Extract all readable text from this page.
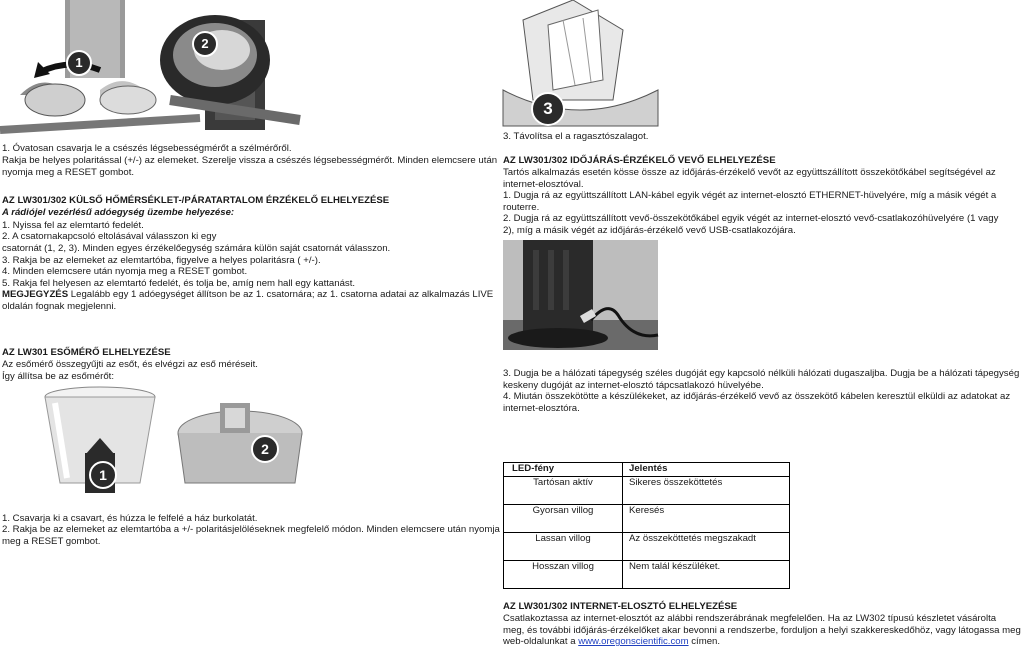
1
2
1. Óvatosan csavarja le a csészés légsebességmérőt a szélmérőről.
Rakja be helyes polaritással (+/-) az elemeket. Szerelje vissza a csészés légsebességmérőt. Minden elemcsere után
nyomja meg a RESET gombot.
AZ LW301/302 KÜLSŐ HŐMÉRSÉKLET-/PÁRATARTALOM ÉRZÉKELŐ ELHELYEZÉSE
A rádiójel vezérlésű adóegység üzembe helyezése:
1. Nyissa fel az elemtartó fedelét.
2. A csatornakapcsoló eltolásával válasszon ki egy
csatornát (1, 2, 3). Minden egyes érzékelőegység számára külön saját csatornát válasszon.
3. Rakja be az elemeket az elemtartóba, figyelve a helyes polaritásra ( +/-).
4. Minden elemcsere után nyomja meg a RESET gombot.
5. Rakja fel helyesen az elemtartó fedelét, és tolja be, amíg nem hall egy kattanást.
MEGJEGYZÉS Legalább egy 1 adóegységet állítson be az 1. csatornára; az 1. csatorna adatai az alkalmazás LIVE
oldalán fognak megjelenni.
AZ LW301 ESŐMÉRŐ ELHELYEZÉSE
Az esőmérő összegyűjti az esőt, és elvégzi az eső méréseit.
Így állítsa be az esőmérőt:
1
2
1. Csavarja ki a csavart, és húzza le felfelé a ház burkolatát.
2. Rakja be az elemeket az elemtartóba a +/- polaritásjelöléseknek megfelelő módon. Minden elemcsere után nyomja
meg a RESET gombot.
3
3. Távolítsa el a ragasztószalagot.
AZ LW301/302 IDŐJÁRÁS-ÉRZÉKELŐ VEVŐ ELHELYEZÉSE
Tartós alkalmazás esetén kösse össze az időjárás-érzékelő vevőt az együttszállított összekötőkábel segítségével az
internet-elosztóval.
1. Dugja rá az együttszállított LAN-kábel egyik végét az internet-elosztó ETHERNET-hüvelyére, míg a másik végét a
routerre.
2. Dugja rá az együttszállított vevő-összekötőkábel egyik végét az internet-elosztó vevő-csatlakozóhüvelyére (1 vagy
2), míg a másik végét az időjárás-érzékelő vevő USB-csatlakozójára.
3. Dugja be a hálózati tápegység széles dugóját egy kapcsoló nélküli hálózati dugaszaljba. Dugja be a hálózati tápegység
keskeny dugóját az internet-elosztó tápcsatlakozó hüvelyébe.
4. Miután összekötötte a készülékeket, az időjárás-érzékelő vevő az összekötő kábelen keresztül elküldi az adatokat az
internet-elosztóra.
LED-fény	Jelentés
Tartósan aktív	Sikeres összeköttetés
Gyorsan villog	Keresés
Lassan villog	Az összeköttetés megszakadt
Hosszan villog	Nem talál készüléket.
AZ LW301/302 INTERNET-ELOSZTÓ ELHELYEZÉSE
Csatlakoztassa az internet-elosztót az alábbi rendszerábrának megfelelően. Ha az LW302 típusú készletet vásárolta
meg, és további időjárás-érzékelőket akar bevonni a rendszerbe, forduljon a helyi szakkereskedőhöz, vagy látogassa meg
web-oldalunkat a www.oregonscientific.com címen.
